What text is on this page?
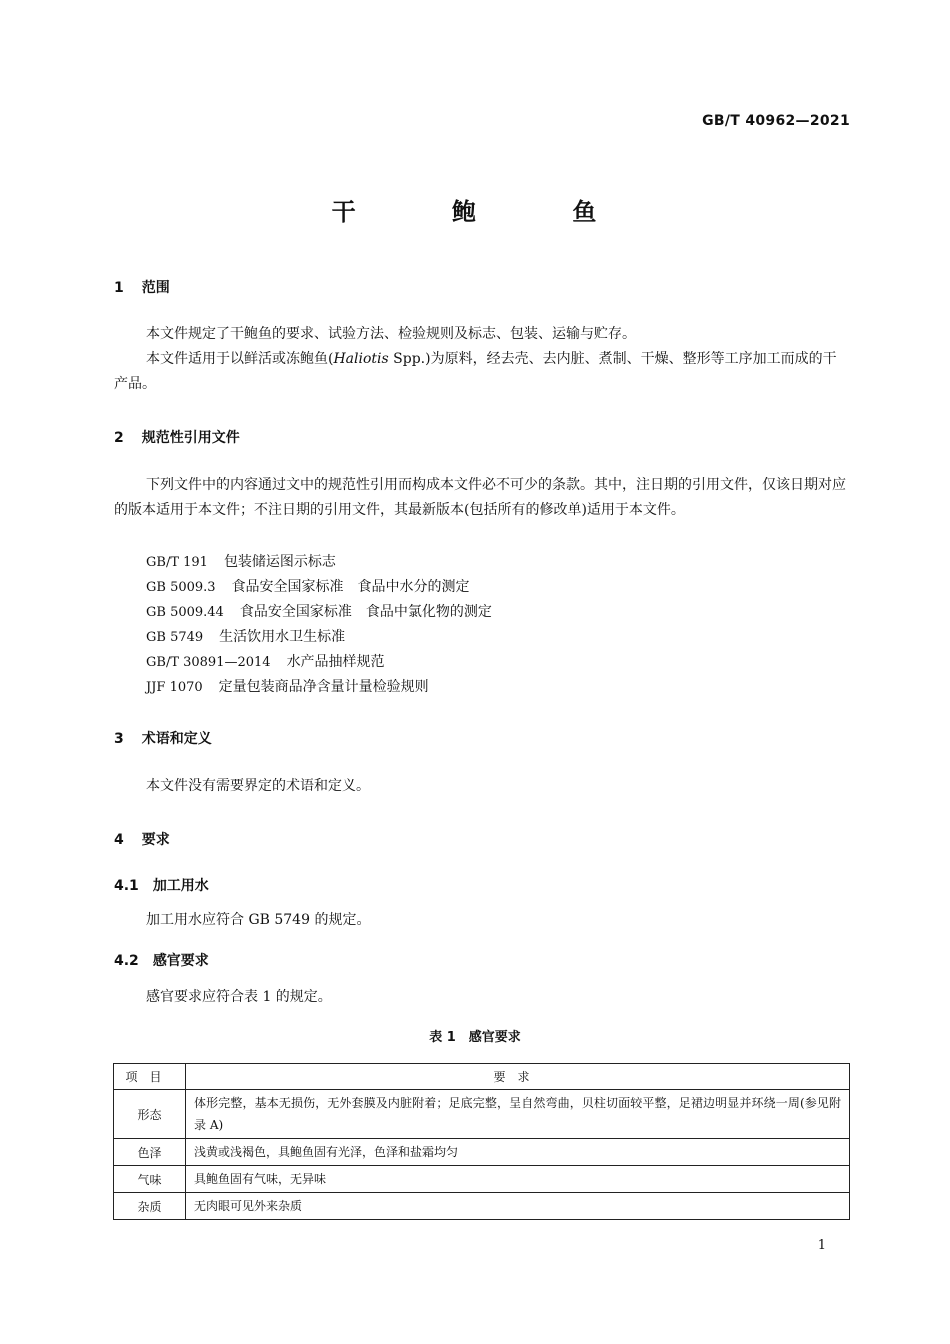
GB/T 40962—2021
干 鲍 鱼
1 范围
本文件规定了干鲍鱼的要求、试验方法、检验规则及标志、包装、运输与贮存。
本文件适用于以鲜活或冻鲍鱼(Haliotis Spp.)为原料，经去壳、去内脏、煮制、干燥、整形等工序加工而成的干产品。
2 规范性引用文件
下列文件中的内容通过文中的规范性引用而构成本文件必不可少的条款。其中，注日期的引用文件，仅该日期对应的版本适用于本文件；不注日期的引用文件，其最新版本(包括所有的修改单)适用于本文件。
GB/T 191 包装储运图示标志
GB 5009.3 食品安全国家标准　食品中水分的测定
GB 5009.44 食品安全国家标准　食品中氯化物的测定
GB 5749 生活饮用水卫生标准
GB/T 30891—2014 水产品抽样规范
JJF 1070 定量包装商品净含量计量检验规则
3 术语和定义
本文件没有需要界定的术语和定义。
4 要求
4.1 加工用水
加工用水应符合 GB 5749 的规定。
4.2 感官要求
感官要求应符合表 1 的规定。
表 1　感官要求
项目	要求
形态	体形完整，基本无损伤，无外套膜及内脏附着；足底完整，呈自然弯曲，贝柱切面较平整，足裙边明显并环绕一周(参见附录 A)
色泽	浅黄或浅褐色，具鲍鱼固有光泽，色泽和盐霜均匀
气味	具鲍鱼固有气味，无异味
杂质	无肉眼可见外来杂质
1
